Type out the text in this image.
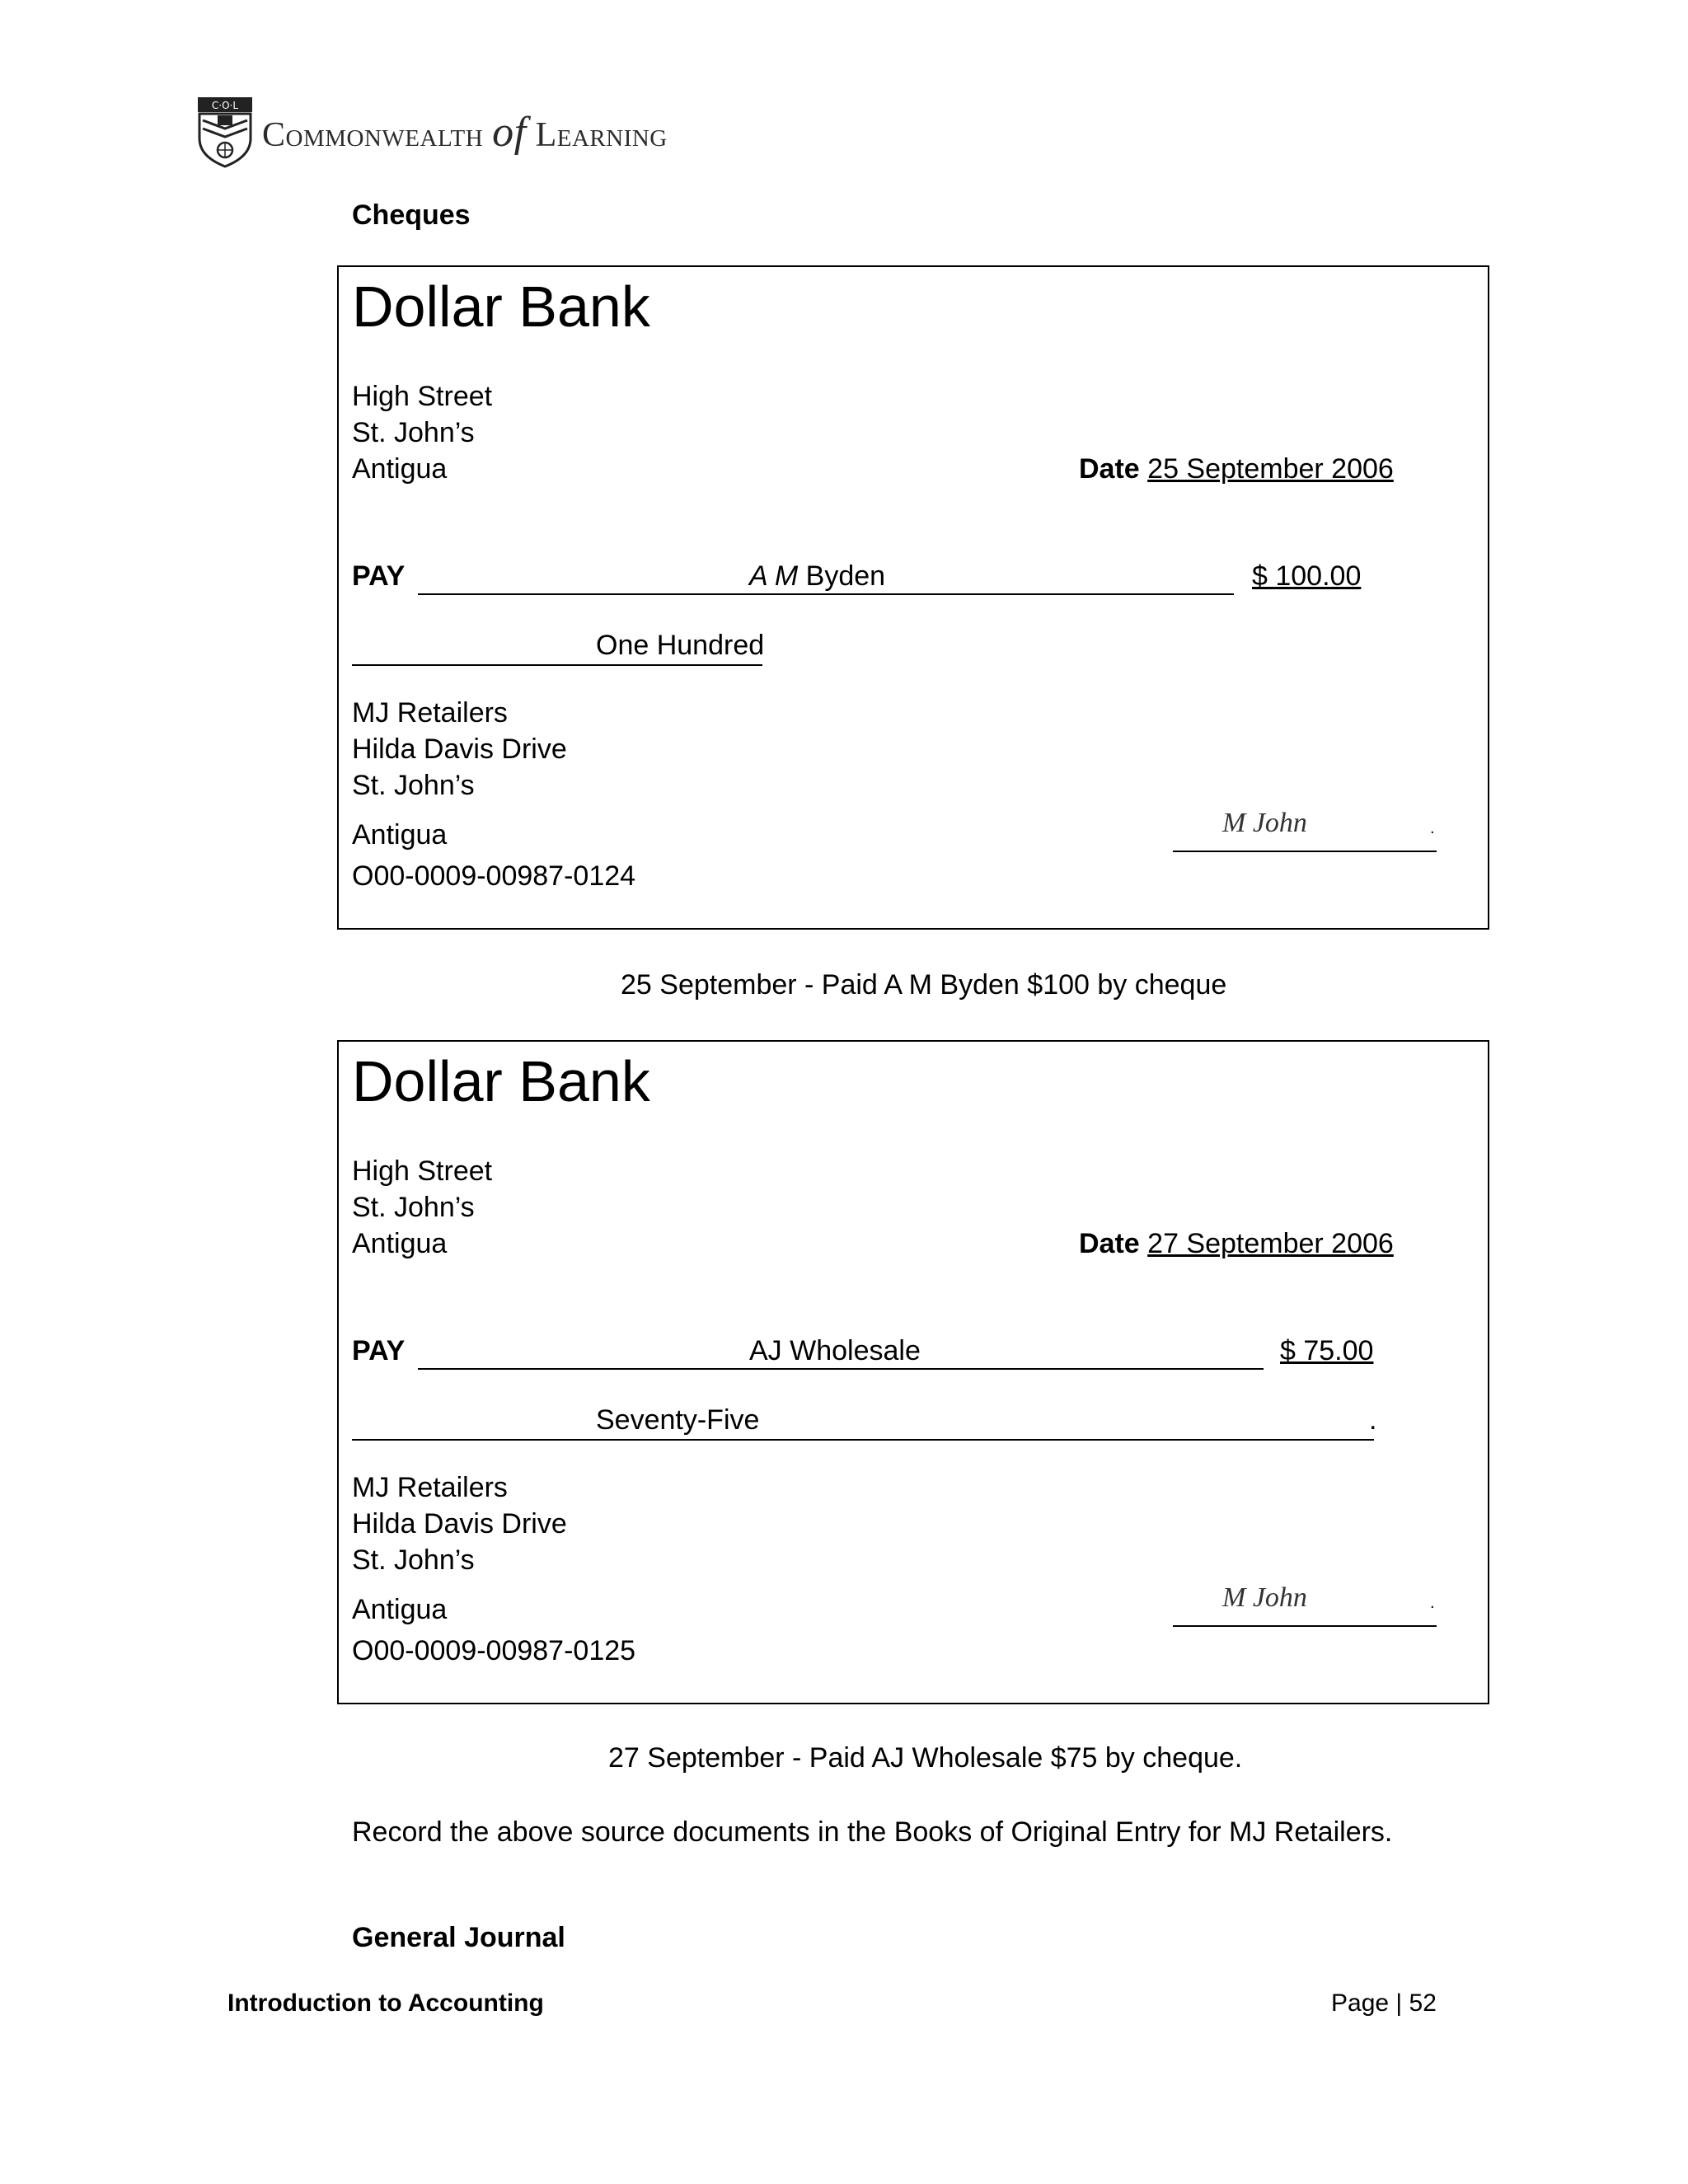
C·O·L
Commonwealth of Learning
Cheques
Dollar Bank
High Street
St. John’s
Antigua	Date 25 September 2006
PAY	A M Byden	$ 100.00
One Hundred
MJ Retailers
Hilda Davis Drive
St. John’s
Antigua	M John	.
O00-0009-00987-0124
25 September - Paid A M Byden $100 by cheque
Dollar Bank
High Street
St. John’s
Antigua	Date 27 September 2006
PAY	AJ Wholesale	$ 75.00
Seventy-Five	.
MJ Retailers
Hilda Davis Drive
St. John’s
Antigua	M John	.
O00-0009-00987-0125
27 September - Paid AJ Wholesale $75 by cheque.
Record the above source documents in the Books of Original Entry for MJ Retailers.
General Journal
Introduction to Accounting	Page | 52
